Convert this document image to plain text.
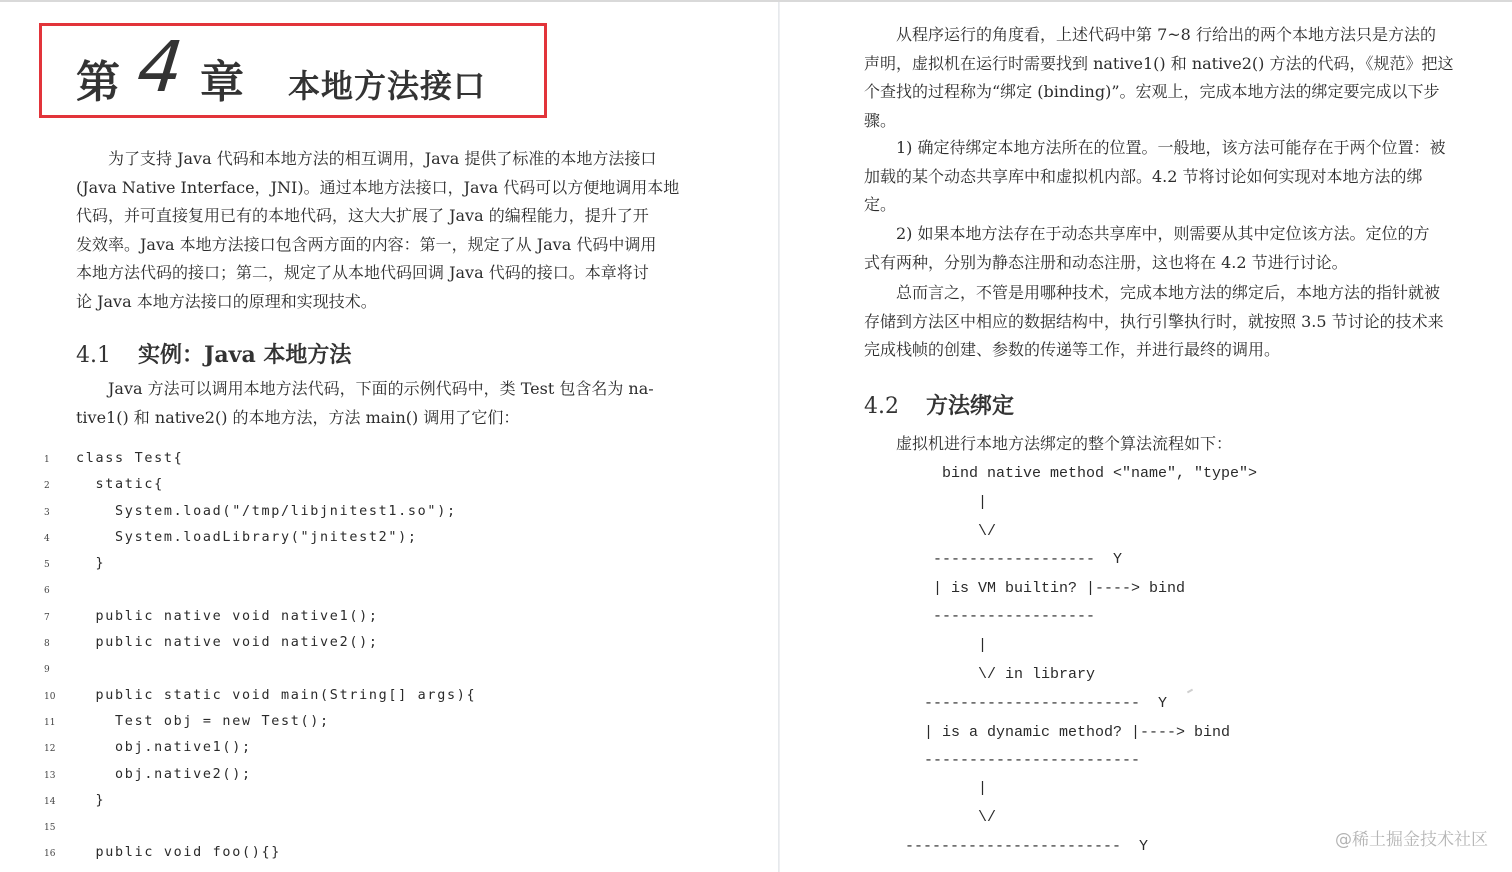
第 4 章 本地方法接口
为了支持 Java 代码和本地方法的相互调用，Java 提供了标准的本地方法接口
(Java Native Interface，JNI)。通过本地方法接口，Java 代码可以方便地调用本地
代码，并可直接复用已有的本地代码，这大大扩展了 Java 的编程能力，提升了开
发效率。Java 本地方法接口包含两方面的内容：第一，规定了从 Java 代码中调用
本地方法代码的接口；第二，规定了从本地代码回调 Java 代码的接口。本章将讨
论 Java 本地方法接口的原理和实现技术。
4.1 实例：Java 本地方法
Java 方法可以调用本地方法代码，下面的示例代码中，类 Test 包含名为 na-
tive1() 和 native2() 的本地方法，方法 main() 调用了它们：
1 class Test{
2  static{
3    System.load("/tmp/libjnitest1.so");
4    System.loadLibrary("jnitest2");
5  }
6
7  public native void native1();
8  public native void native2();
9
10  public static void main(String[] args){
11    Test obj = new Test();
12    obj.native1();
13    obj.native2();
14  }
15
16  public void foo(){}
从程序运行的角度看，上述代码中第 7~8 行给出的两个本地方法只是方法的
声明，虚拟机在运行时需要找到 native1() 和 native2() 方法的代码，《规范》把这
个查找的过程称为“绑定 (binding)”。宏观上，完成本地方法的绑定要完成以下步
骤。
1) 确定待绑定本地方法所在的位置。一般地，该方法可能存在于两个位置：被
加载的某个动态共享库中和虚拟机内部。4.2 节将讨论如何实现对本地方法的绑
定。
2) 如果本地方法存在于动态共享库中，则需要从其中定位该方法。定位的方
式有两种，分别为静态注册和动态注册，这也将在 4.2 节进行讨论。
总而言之，不管是用哪种技术，完成本地方法的绑定后，本地方法的指针就被
存储到方法区中相应的数据结构中，执行引擎执行时，就按照 3.5 节讨论的技术来
完成栈帧的创建、参数的传递等工作，并进行最终的调用。
4.2 方法绑定
虚拟机进行本地方法绑定的整个算法流程如下：
bind native method <"name", "type">
|
\/
------------------  Y
| is VM builtin? |----> bind
------------------
|
\/ in library
------------------------  Y
| is a dynamic method? |----> bind
------------------------
|
\/
------------------------  Y	@稀土掘金技术社区
